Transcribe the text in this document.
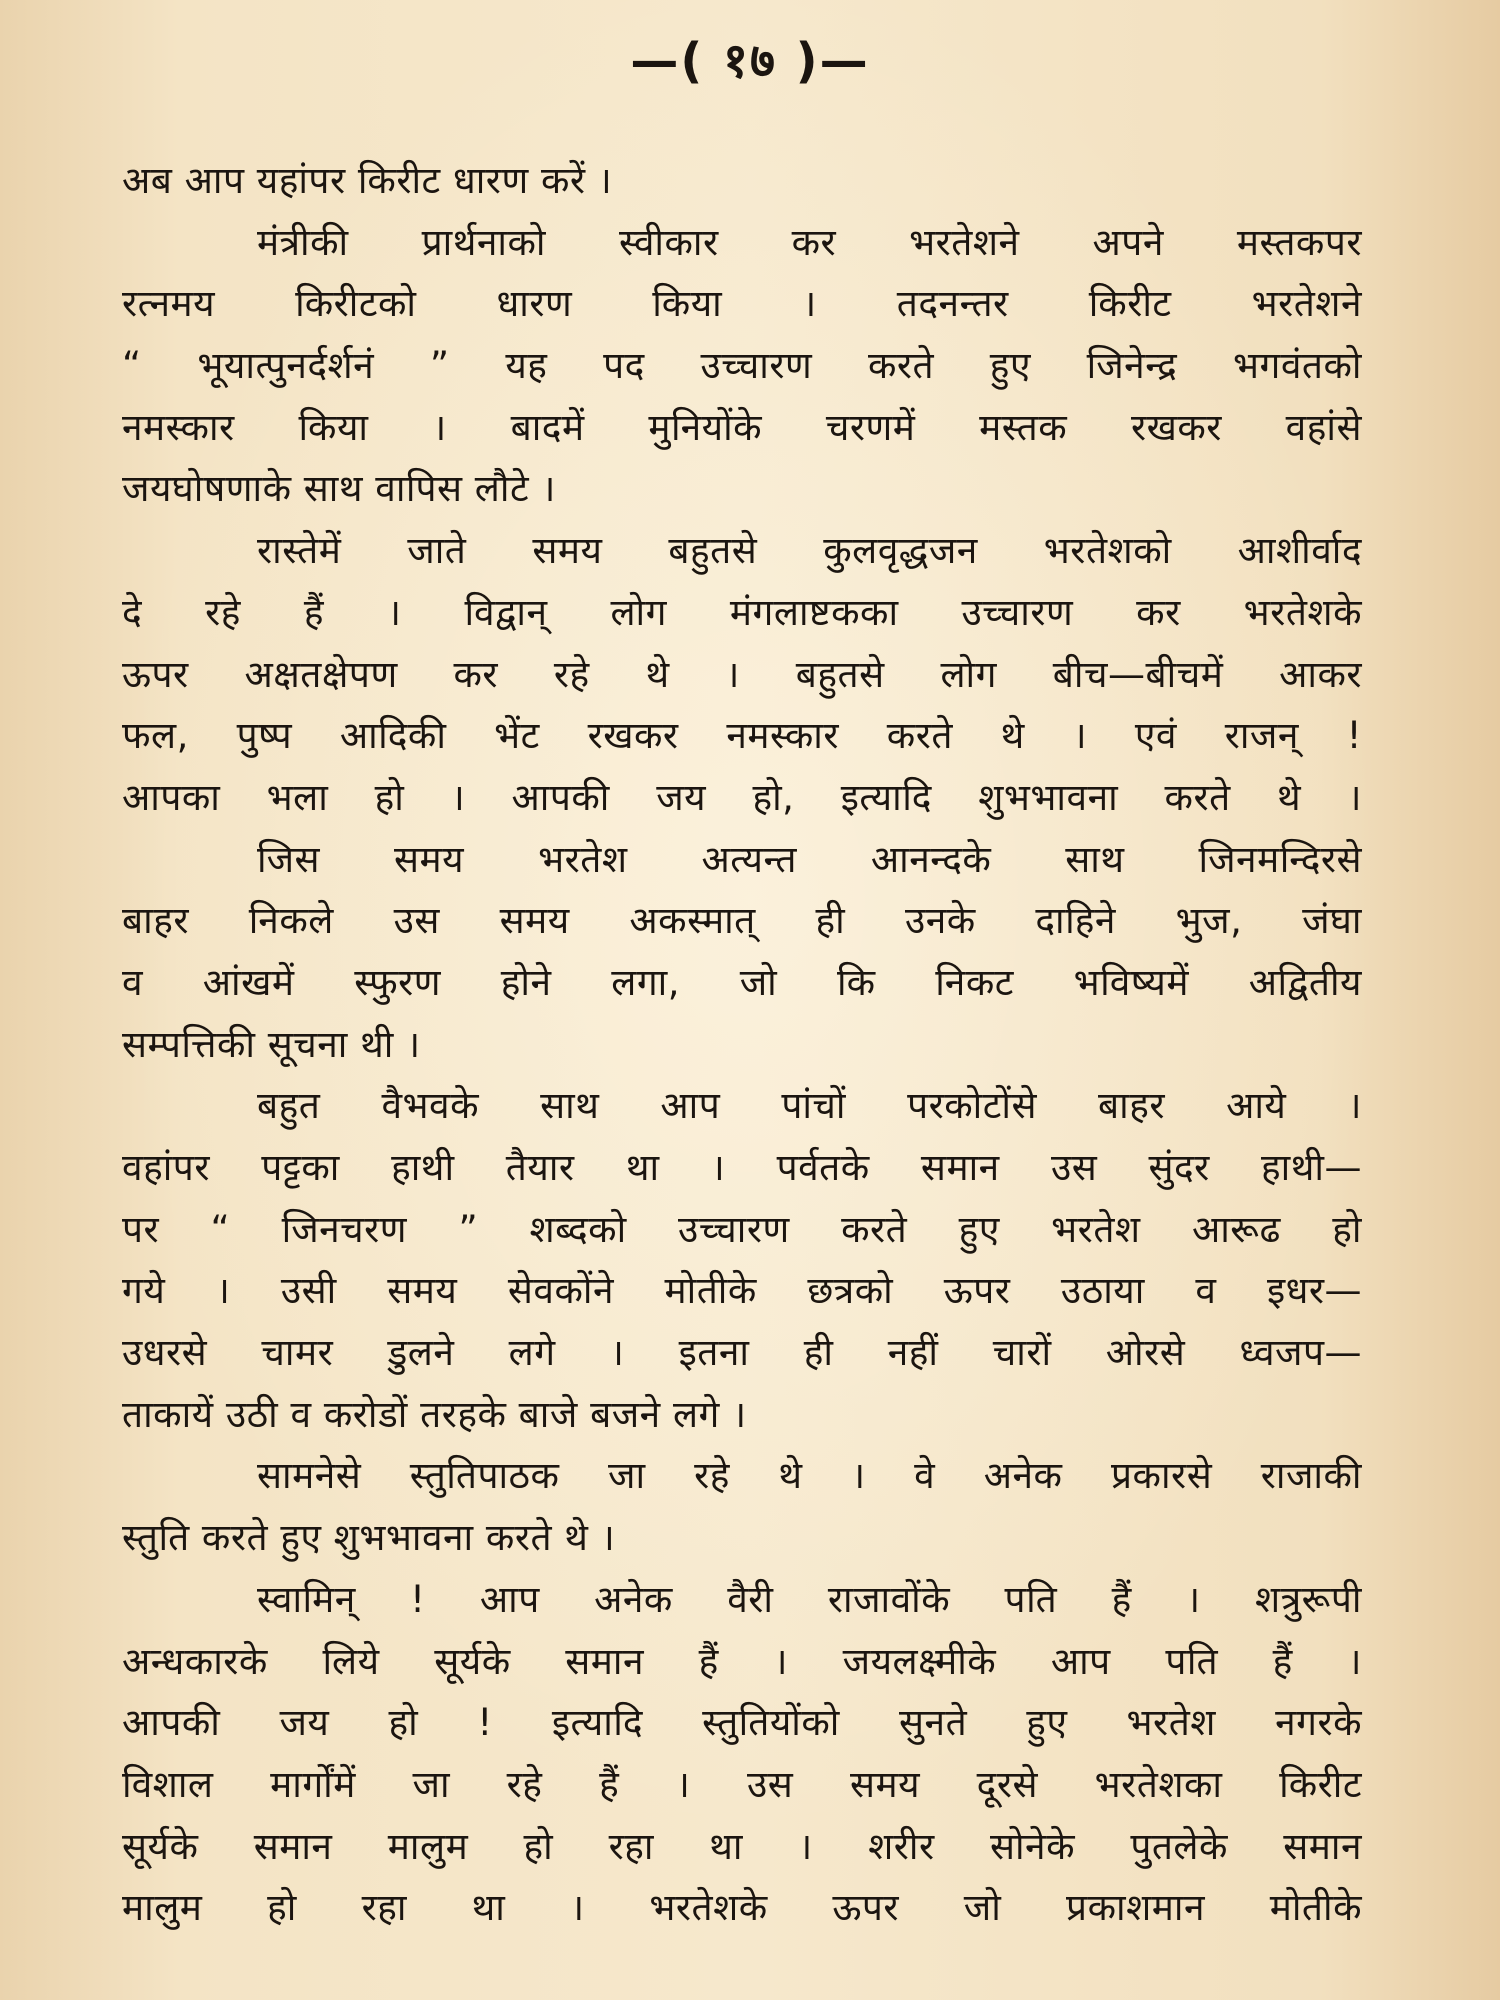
—( १७ )—
अब आप यहांपर किरीट धारण करें ।
मंत्रीकी प्रार्थनाको स्वीकार कर भरतेशने अपने मस्तकपर
रत्नमय किरीटको धारण किया । तदनन्तर किरीट भरतेशने
“ भूयात्पुनर्दर्शनं ” यह पद उच्चारण करते हुए जिनेन्द्र भगवंतको
नमस्कार किया । बादमें मुनियोंके चरणमें मस्तक रखकर वहांसे
जयघोषणाके साथ वापिस लौटे ।
रास्तेमें जाते समय बहुतसे कुलवृद्धजन भरतेशको आशीर्वाद
दे रहे हैं । विद्वान् लोग मंगलाष्टकका उच्चारण कर भरतेशके
ऊपर अक्षतक्षेपण कर रहे थे । बहुतसे लोग बीच—बीचमें आकर
फल, पुष्प आदिकी भेंट रखकर नमस्कार करते थे । एवं राजन् !
आपका भला हो । आपकी जय हो, इत्यादि शुभभावना करते थे ।
जिस समय भरतेश अत्यन्त आनन्दके साथ जिनमन्दिरसे
बाहर निकले उस समय अकस्मात् ही उनके दाहिने भुज, जंघा
व आंखमें स्फुरण होने लगा, जो कि निकट भविष्यमें अद्वितीय
सम्पत्तिकी सूचना थी ।
बहुत वैभवके साथ आप पांचों परकोटोंसे बाहर आये ।
वहांपर पट्टका हाथी तैयार था । पर्वतके समान उस सुंदर हाथी—
पर “ जिनचरण ” शब्दको उच्चारण करते हुए भरतेश आरूढ हो
गये । उसी समय सेवकोंने मोतीके छत्रको ऊपर उठाया व इधर—
उधरसे चामर डुलने लगे । इतना ही नहीं चारों ओरसे ध्वजप—
ताकायें उठी व करोडों तरहके बाजे बजने लगे ।
सामनेसे स्तुतिपाठक जा रहे थे । वे अनेक प्रकारसे राजाकी
स्तुति करते हुए शुभभावना करते थे ।
स्वामिन् ! आप अनेक वैरी राजावोंके पति हैं । शत्रुरूपी
अन्धकारके लिये सूर्यके समान हैं । जयलक्ष्मीके आप पति हैं ।
आपकी जय हो ! इत्यादि स्तुतियोंको सुनते हुए भरतेश नगरके
विशाल मार्गोंमें जा रहे हैं । उस समय दूरसे भरतेशका किरीट
सूर्यके समान मालुम हो रहा था । शरीर सोनेके पुतलेके समान
मालुम हो रहा था । भरतेशके ऊपर जो प्रकाशमान मोतीके
